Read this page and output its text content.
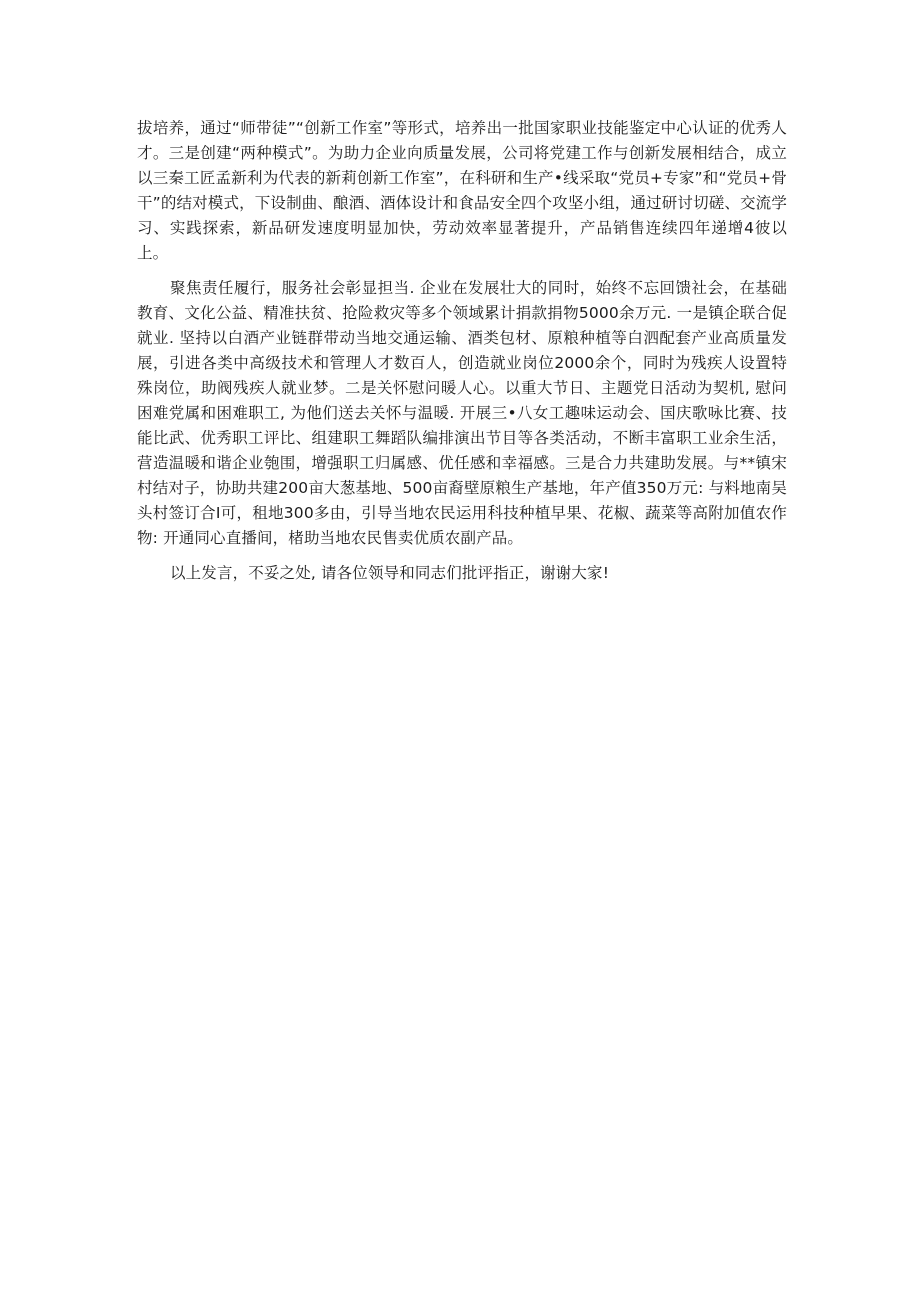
拔培养，通过“师带徒”“创新工作室”等形式，培养出一批国家职业技能鉴定中心认证的优秀人才。三是创建“两种模式”。为助力企业向质量发展，公司将党建工作与创新发展相结合，成立以三秦工匠孟新利为代表的新莉创新工作室”，在科研和生产•线采取“党员+专家”和“党员+骨干”的结对模式，下设制曲、酿酒、酒体设计和食品安全四个攻坚小组，通过研讨切磋、交流学习、实践探索，新品研发速度明显加快，劳动效率显著提升，产品销售连续四年递增4彼以上。

聚焦责任履行，服务社会彰显担当. 企业在发展壮大的同时，始终不忘回馈社会，在基础教育、文化公益、精准扶贫、抢险救灾等多个领域累计捐款捐物5000余万元. 一是镇企联合促就业. 坚持以白酒产业链群带动当地交通运输、酒类包材、原粮种植等白泗配套产业高质量发展，引进各类中高级技术和管理人才数百人，创造就业岗位2000余个，同时为残疾人设置特殊岗位，助阀残疾人就业梦。二是关怀慰问暖人心。以重大节日、主题党日活动为契机, 慰问困难党属和困难职工, 为他们送去关怀与温暖. 开展三•八女工趣味运动会、国庆歌咏比赛、技能比武、优秀职工评比、组建职工舞蹈队编排演出节目等各类活动，不断丰富职工业余生活，营造温暖和谐企业匏围，增强职工归属感、优任感和幸福感。三是合力共建助发展。与**镇宋村结对子，协助共建200亩大葱基地、500亩裔壁原粮生产基地，年产值350万元: 与料地南吴头村签订合I可，租地300多由，引导当地农民运用科技种植早果、花椒、蔬菜等高附加值农作物: 开通同心直播间，楮助当地农民售卖优质农副产品。

以上发言，不妥之处, 请各位领导和同志们批评指正，谢谢大家!
